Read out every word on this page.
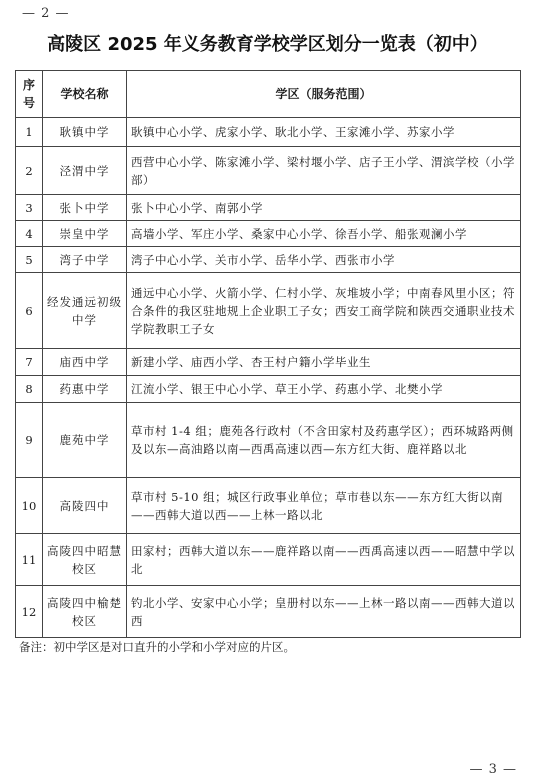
— 2 —
高陵区 2025 年义务教育学校学区划分一览表（初中）
序号	学校名称	学区（服务范围）
1	耿镇中学	耿镇中心小学、虎家小学、耿北小学、王家滩小学、苏家小学
2	泾渭中学	西营中心小学、陈家滩小学、梁村堰小学、店子王小学、渭滨学校（小学部）
3	张卜中学	张卜中心小学、南郭小学
4	崇皇中学	高墙小学、军庄小学、桑家中心小学、徐吾小学、船张观澜小学
5	湾子中学	湾子中心小学、关市小学、岳华小学、西张市小学
6	经发通远初级中学	通远中心小学、火箭小学、仁村小学、灰堆坡小学；中南春风里小区；符合条件的我区驻地规上企业职工子女；西安工商学院和陕西交通职业技术学院教职工子女
7	庙西中学	新建小学、庙西小学、杏王村户籍小学毕业生
8	药惠中学	江流小学、银王中心小学、草王小学、药惠小学、北樊小学
9	鹿苑中学	草市村 1-4 组；鹿苑各行政村（不含田家村及药惠学区）；西环城路两侧及以东—高油路以南—西禹高速以西—东方红大街、鹿祥路以北
10	高陵四中	草市村 5-10 组；城区行政事业单位；草市巷以东——东方红大街以南——西韩大道以西——上林一路以北
11	高陵四中昭慧校区	田家村；西韩大道以东——鹿祥路以南——西禹高速以西——昭慧中学以北
12	高陵四中榆楚校区	钓北小学、安家中心小学；皇册村以东——上林一路以南——西韩大道以西
备注：初中学区是对口直升的小学和小学对应的片区。
— 3 —
